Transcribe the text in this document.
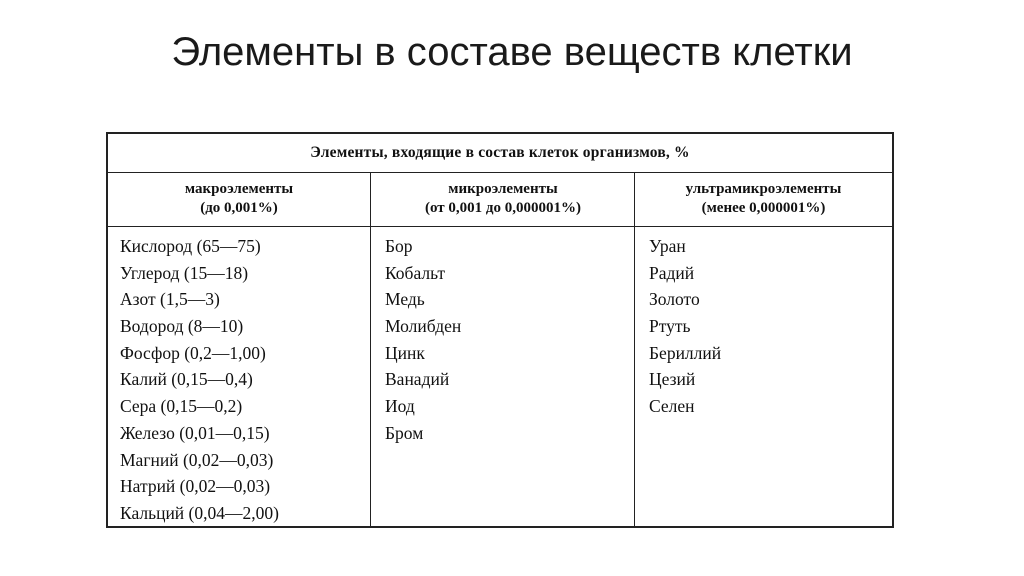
Элементы в составе веществ клетки
Элементы, входящие в состав клеток организмов, %
макроэлементы
(до 0,001%)
Кислород (65—75)
Углерод (15—18)
Азот (1,5—3)
Водород (8—10)
Фосфор (0,2—1,00)
Калий (0,15—0,4)
Сера (0,15—0,2)
Железо (0,01—0,15)
Магний (0,02—0,03)
Натрий (0,02—0,03)
Кальций (0,04—2,00)
микроэлементы
(от 0,001 до 0,000001%)
Бор
Кобальт
Медь
Молибден
Цинк
Ванадий
Иод
Бром
ультрамикроэлементы
(менее 0,000001%)
Уран
Радий
Золото
Ртуть
Бериллий
Цезий
Селен
